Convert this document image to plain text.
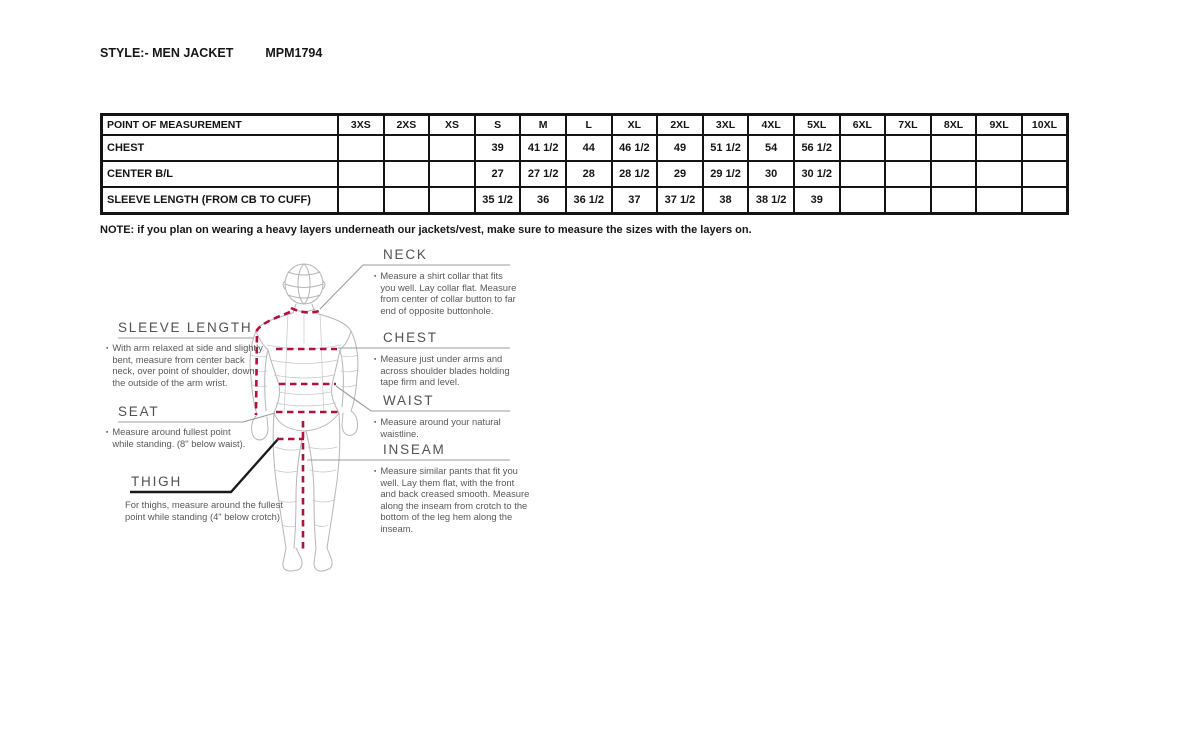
STYLE:- MEN JACKET	MPM1794
POINT OF MEASUREMENT	3XS	2XS	XS	S	M	L	XL	2XL	3XL	4XL	5XL	6XL	7XL	8XL	9XL	10XL
CHEST				39	41 1/2	44	46 1/2	49	51 1/2	54	56 1/2					
CENTER B/L				27	27 1/2	28	28 1/2	29	29 1/2	30	30 1/2					
SLEEVE LENGTH (FROM CB TO CUFF)				35 1/2	36	36 1/2	37	37 1/2	38	38 1/2	39					
NOTE: if you plan on wearing a heavy layers underneath our jackets/vest, make sure to measure the sizes with the layers on.
NECK
▪ Measure a shirt collar that fits you well. Lay collar flat. Measure from center of collar button to far end of opposite buttonhole.
CHEST
▪ Measure just under arms and across shoulder blades holding tape firm and level.
WAIST
▪ Measure around your natural waistline.
INSEAM
▪ Measure similar pants that fit you well. Lay them flat, with the front and back creased smooth. Measure along the inseam from crotch to the bottom of the leg hem along the inseam.
SLEEVE LENGTH
▪ With arm relaxed at side and slightly bent, measure from center back neck, over point of shoulder, down the outside of the arm wrist.
SEAT
▪ Measure around fullest point while standing. (8" below waist).
THIGH
For thighs, measure around the fullest point while standing (4" below crotch)
